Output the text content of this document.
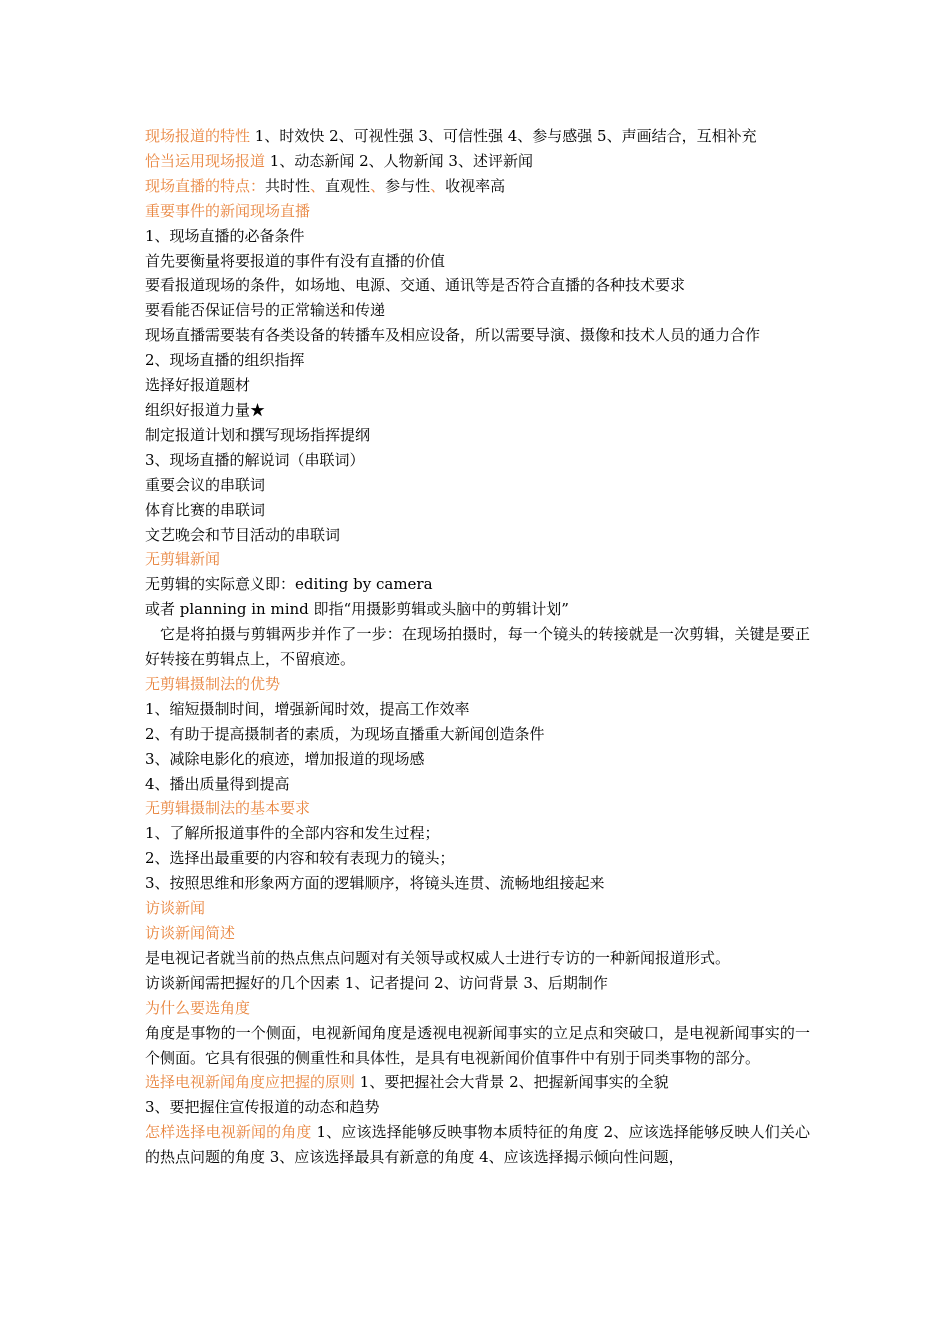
现场报道的特性 1、时效快 2、可视性强 3、可信性强 4、参与感强 5、声画结合，互相补充
恰当运用现场报道 1、动态新闻 2、人物新闻 3、述评新闻
现场直播的特点：共时性、直观性、参与性、收视率高
重要事件的新闻现场直播
1、现场直播的必备条件
首先要衡量将要报道的事件有没有直播的价值
要看报道现场的条件，如场地、电源、交通、通讯等是否符合直播的各种技术要求
要看能否保证信号的正常输送和传递
现场直播需要装有各类设备的转播车及相应设备，所以需要导演、摄像和技术人员的通力合作
2、现场直播的组织指挥
选择好报道题材
组织好报道力量★
制定报道计划和撰写现场指挥提纲
3、现场直播的解说词（串联词）
重要会议的串联词
体育比赛的串联词
文艺晚会和节目活动的串联词
无剪辑新闻
无剪辑的实际意义即：editing by camera
或者 planning in mind 即指“用摄影剪辑或头脑中的剪辑计划”
它是将拍摄与剪辑两步并作了一步：在现场拍摄时，每一个镜头的转接就是一次剪辑，关键是要正好转接在剪辑点上，不留痕迹。
无剪辑摄制法的优势
1、缩短摄制时间，增强新闻时效，提高工作效率
2、有助于提高摄制者的素质，为现场直播重大新闻创造条件
3、减除电影化的痕迹，增加报道的现场感
4、播出质量得到提高
无剪辑摄制法的基本要求
1、了解所报道事件的全部内容和发生过程；
2、选择出最重要的内容和较有表现力的镜头；
3、按照思维和形象两方面的逻辑顺序，将镜头连贯、流畅地组接起来
访谈新闻
访谈新闻简述
是电视记者就当前的热点焦点问题对有关领导或权威人士进行专访的一种新闻报道形式。
访谈新闻需把握好的几个因素 1、记者提问 2、访问背景 3、后期制作
为什么要选角度
角度是事物的一个侧面，电视新闻角度是透视电视新闻事实的立足点和突破口，是电视新闻事实的一个侧面。它具有很强的侧重性和具体性，是具有电视新闻价值事件中有别于同类事物的部分。
选择电视新闻角度应把握的原则 1、要把握社会大背景 2、把握新闻事实的全貌
3、要把握住宣传报道的动态和趋势
怎样选择电视新闻的角度 1、应该选择能够反映事物本质特征的角度 2、应该选择能够反映人们关心的热点问题的角度 3、应该选择最具有新意的角度 4、应该选择揭示倾向性问题，
